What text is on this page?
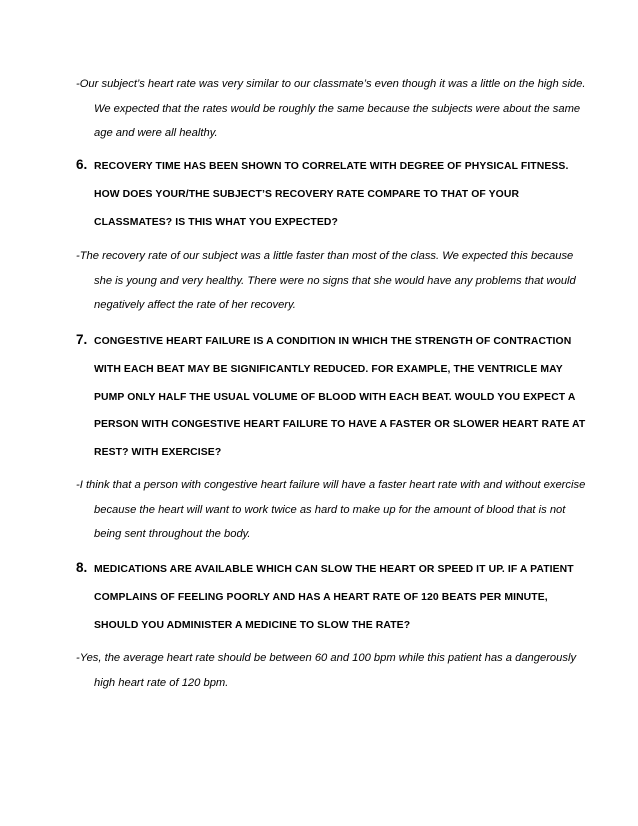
-Our subject’s heart rate was very similar to our classmate’s even though it was a little on the high side. We expected that the rates would be roughly the same because the subjects were about the same age and were all healthy.
6. RECOVERY TIME HAS BEEN SHOWN TO CORRELATE WITH DEGREE OF PHYSICAL FITNESS. HOW DOES YOUR/THE SUBJECT’S RECOVERY RATE COMPARE TO THAT OF YOUR CLASSMATES? IS THIS WHAT YOU EXPECTED?
-The recovery rate of our subject was a little faster than most of the class. We expected this because she is young and very healthy. There were no signs that she would have any problems that would negatively affect the rate of her recovery.
7. CONGESTIVE HEART FAILURE IS A CONDITION IN WHICH THE STRENGTH OF CONTRACTION WITH EACH BEAT MAY BE SIGNIFICANTLY REDUCED. FOR EXAMPLE, THE VENTRICLE MAY PUMP ONLY HALF THE USUAL VOLUME OF BLOOD WITH EACH BEAT. WOULD YOU EXPECT A PERSON WITH CONGESTIVE HEART FAILURE TO HAVE A FASTER OR SLOWER HEART RATE AT REST? WITH EXERCISE?
-I think that a person with congestive heart failure will have a faster heart rate with and without exercise because the heart will want to work twice as hard to make up for the amount of blood that is not being sent throughout the body.
8. MEDICATIONS ARE AVAILABLE WHICH CAN SLOW THE HEART OR SPEED IT UP. IF A PATIENT COMPLAINS OF FEELING POORLY AND HAS A HEART RATE OF 120 BEATS PER MINUTE, SHOULD YOU ADMINISTER A MEDICINE TO SLOW THE RATE?
-Yes, the average heart rate should be between 60 and 100 bpm while this patient has a dangerously high heart rate of 120 bpm.
